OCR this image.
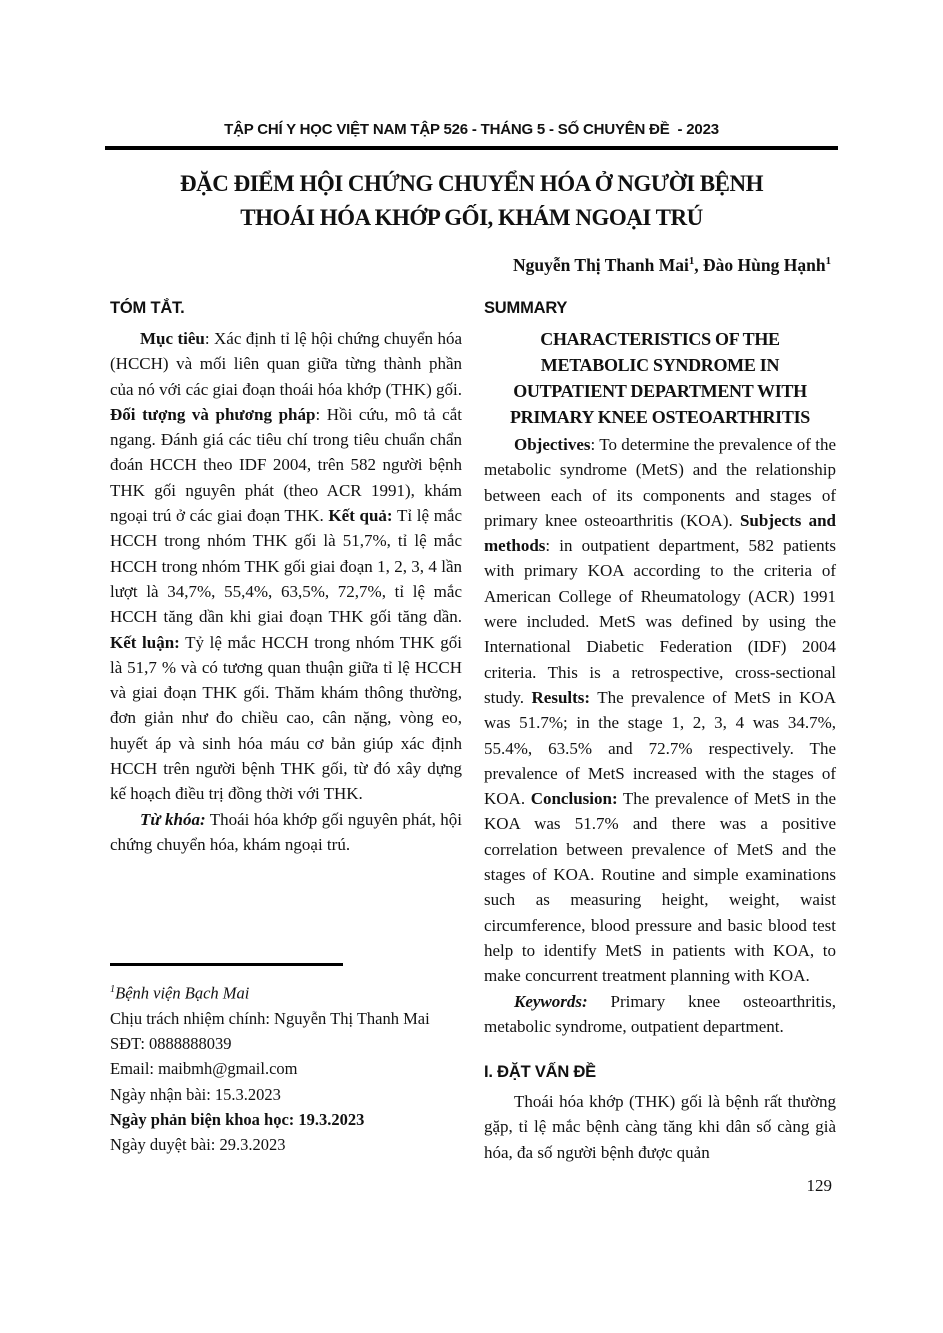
TẬP CHÍ Y HỌC VIỆT NAM TẬP 526 - THÁNG 5 - SỐ CHUYÊN ĐỀ  - 2023
ĐẶC ĐIỂM HỘI CHỨNG CHUYỂN HÓA Ở NGƯỜI BỆNH
THOÁI HÓA KHỚP GỐI, KHÁM NGOẠI TRÚ
Nguyễn Thị Thanh Mai$^1$, Đào Hùng Hạnh$^1$
TÓM TẮT.

Mục tiêu: Xác định tỉ lệ hội chứng chuyển hóa (HCCH) và mối liên quan giữa từng thành phần của nó với các giai đoạn thoái hóa khớp (THK) gối. Đối tượng và phương pháp: Hồi cứu, mô tả cắt ngang. Đánh giá các tiêu chí trong tiêu chuẩn chẩn đoán HCCH theo IDF 2004, trên 582 người bệnh THK gối nguyên phát (theo ACR 1991), khám ngoại trú ở các giai đoạn THK. Kết quả: Tỉ lệ mắc HCCH trong nhóm THK gối là 51,7%, tỉ lệ mắc HCCH trong nhóm THK gối giai đoạn 1, 2, 3, 4 lần lượt là 34,7%, 55,4%, 63,5%, 72,7%, tỉ lệ mắc HCCH tăng dần khi giai đoạn THK gối tăng dần. Kết luận: Tỷ lệ mắc HCCH trong nhóm THK gối là 51,7 % và có tương quan thuận giữa tỉ lệ HCCH và giai đoạn THK gối. Thăm khám thông thường, đơn giản như đo chiều cao, cân nặng, vòng eo, huyết áp và sinh hóa máu cơ bản giúp xác định HCCH trên người bệnh THK gối, từ đó xây dựng kế hoạch điều trị đồng thời với THK.

Từ khóa: Thoái hóa khớp gối nguyên phát, hội chứng chuyển hóa, khám ngoại trú.

SUMMARY
CHARACTERISTICS OF THE
METABOLIC SYNDROME IN
OUTPATIENT DEPARTMENT WITH
PRIMARY KNEE OSTEOARTHRITIS

Objectives: To determine the prevalence of the metabolic syndrome (MetS) and the relationship between each of its components and stages of primary knee osteoarthritis (KOA). Subjects and methods: in outpatient department, 582 patients with primary KOA according to the criteria of American College of Rheumatology (ACR) 1991 were included. MetS was defined by using the International Diabetic Federation (IDF) 2004 criteria. This is a retrospective, cross-sectional study. Results: The prevalence of MetS in KOA was 51.7%; in the stage 1, 2, 3, 4 was 34.7%, 55.4%, 63.5% and 72.7% respectively. The prevalence of MetS increased with the stages of KOA. Conclusion: The prevalence of MetS in the KOA was 51.7% and there was a positive correlation between prevalence of MetS and the stages of KOA. Routine and simple examinations such as measuring height, weight, waist circumference, blood pressure and basic blood test help to identify MetS in patients with KOA, to make concurrent treatment planning with KOA.

Keywords: Primary knee osteoarthritis, metabolic syndrome, outpatient department.

I. ĐẶT VẤN ĐỀ

Thoái hóa khớp (THK) gối là bệnh rất thường gặp, tỉ lệ mắc bệnh càng tăng khi dân số càng già hóa, đa số người bệnh được quản

$^1$Bệnh viện Bạch Mai
Chịu trách nhiệm chính: Nguyễn Thị Thanh Mai
SĐT: 0888888039
Email: maibmh@gmail.com
Ngày nhận bài: 15.3.2023
Ngày phản biện khoa học: 19.3.2023
Ngày duyệt bài: 29.3.2023
129
